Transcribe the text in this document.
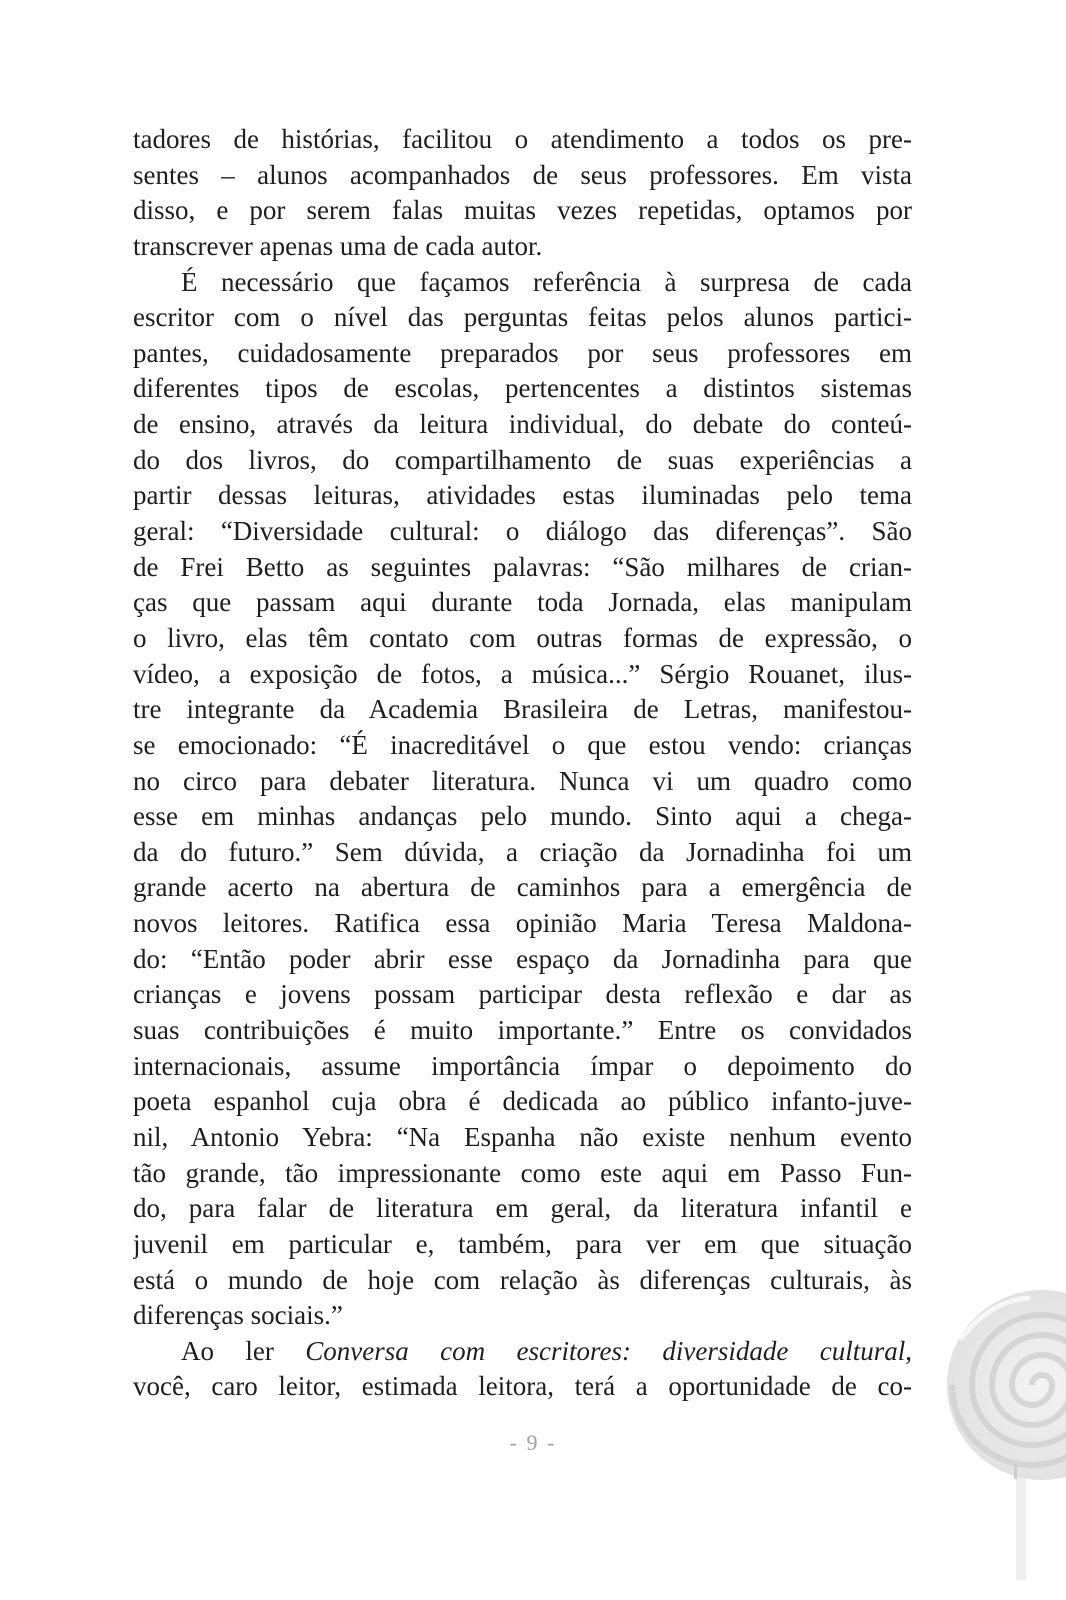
tadores de histórias, facilitou o atendimento a todos os pre-
sentes – alunos acompanhados de seus professores. Em vista
disso, e por serem falas muitas vezes repetidas, optamos por
transcrever apenas uma de cada autor.
É necessário que façamos referência à surpresa de cada
escritor com o nível das perguntas feitas pelos alunos partici-
pantes, cuidadosamente preparados por seus professores em
diferentes tipos de escolas, pertencentes a distintos sistemas
de ensino, através da leitura individual, do debate do conteú-
do dos livros, do compartilhamento de suas experiências a
partir dessas leituras, atividades estas iluminadas pelo tema
geral: “Diversidade cultural: o diálogo das diferenças”. São
de Frei Betto as seguintes palavras: “São milhares de crian-
ças que passam aqui durante toda Jornada, elas manipulam
o livro, elas têm contato com outras formas de expressão, o
vídeo, a exposição de fotos, a música...” Sérgio Rouanet, ilus-
tre integrante da Academia Brasileira de Letras, manifestou-
se emocionado: “É inacreditável o que estou vendo: crianças
no circo para debater literatura. Nunca vi um quadro como
esse em minhas andanças pelo mundo. Sinto aqui a chega-
da do futuro.” Sem dúvida, a criação da Jornadinha foi um
grande acerto na abertura de caminhos para a emergência de
novos leitores. Ratifica essa opinião Maria Teresa Maldona-
do: “Então poder abrir esse espaço da Jornadinha para que
crianças e jovens possam participar desta reflexão e dar as
suas contribuições é muito importante.” Entre os convidados
internacionais, assume importância ímpar o depoimento do
poeta espanhol cuja obra é dedicada ao público infanto-juve-
nil, Antonio Yebra: “Na Espanha não existe nenhum evento
tão grande, tão impressionante como este aqui em Passo Fun-
do, para falar de literatura em geral, da literatura infantil e
juvenil em particular e, também, para ver em que situação
está o mundo de hoje com relação às diferenças culturais, às
diferenças sociais.”
Ao ler Conversa com escritores: diversidade cultural,
você, caro leitor, estimada leitora, terá a oportunidade de co-
- 9 -
